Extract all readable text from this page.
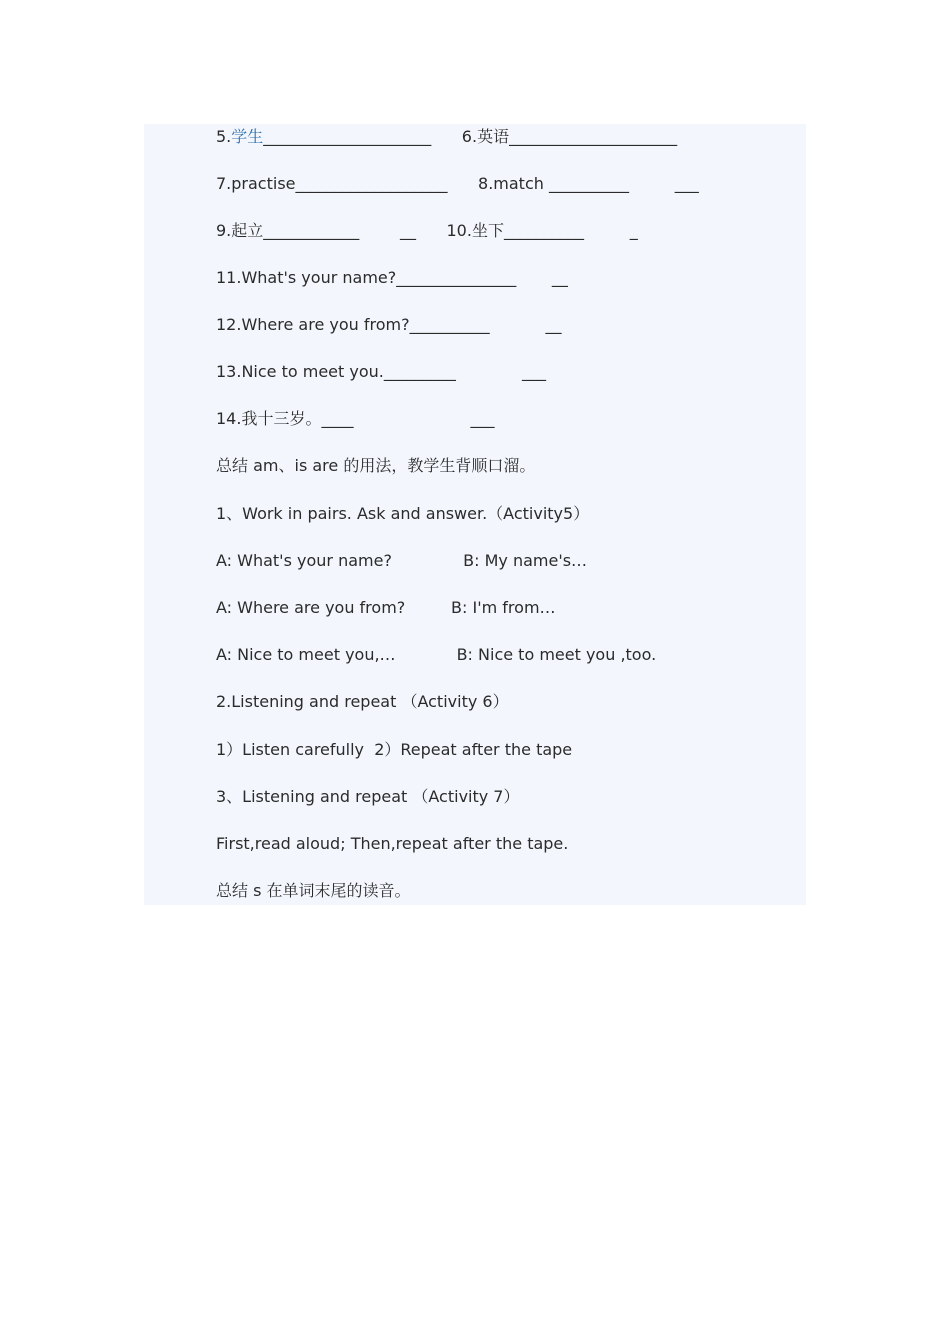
5.学生_____________________      6.英语_____________________
7.practise___________________      8.match __________         ___
9.起立____________        __      10.坐下__________         _
11.What's your name?_______________       __
12.Where are you from?__________           __
13.Nice to meet you._________             ___
14.我十三岁。____                       ___
总结 am、is are 的用法，教学生背顺口溜。
1、Work in pairs. Ask and answer.（Activity5）
A: What's your name?              B: My name's…
A: Where are you from?         B: I'm from…
A: Nice to meet you,…            B: Nice to meet you ,too.
2.Listening and repeat （Activity 6）
1）Listen carefully  2）Repeat after the tape
3、Listening and repeat （Activity 7）
First,read aloud; Then,repeat after the tape.
总结 s 在单词末尾的读音。
